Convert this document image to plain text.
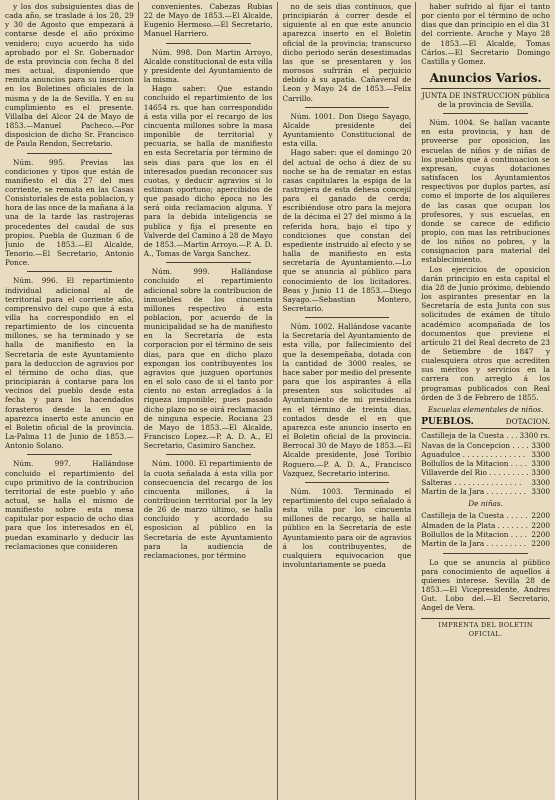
y los dos subsiguientes dias de cada año, se traslade á los 28, 29 y 30 de Agosto que empezará á contarse desde el año próximo venidero; cuyo acuerdo ha sido aprobado por el Sr. Gobernador de esta provincia con fecha 8 del mes actual, disponiendo que remita anuncios para su insercion en los Boletines oficiales de la misma y de la de Sevilla. Y en su cumplimiento es el presente. Villalba del Alcor 24 de Mayo de 1853.—Manuel Pacheco.—Por disposicion de dicho Sr. Francisco de Paula Rendon, Secretario.

Núm. 995. Previas las condiciones y tipos que están de manifiesto el dia 27 del mes corriente, se remata en las Casas Consistoriales de esta poblacion, y hora de las once de la mañana á la una de la tarde las rastrojeras procedentes del caudal de sus propios. Puebla de Guzman 6 de Junio de 1853.—El Alcalde, Tenorio.—El Secretario, Antonio Ponce.

Núm. 996. El repartimiento individual adicional al de territorial para el corriente año, comprensivo del cupo que á esta villa ha correspondido en el repartimiento de los cincuenta millones, se ha terminado y se halla de manifiesto en la Secretaría de este Ayuntamiento para la deduccion de agravios por el término de ocho dias, que principiarán á contarse para los vecinos del pueblo desde esta fecha y para los hacendados forasteros desde la en que aparezca inserto este anuncio en el Boletin oficial de la provincia. La-Palma 11 de Junio de 1853.—Antonio Solano.

Núm. 997. Hallándose concluido el repartimiento del cupo primitivo de la contribucion territorial de este pueblo y año actual, se halla el mismo de manifiesto sobre esta mesa capitular por espacio de ocho dias para que los interesados en él, puedan examinarlo y deducir las reclamaciones que consideren

convenientes. Cabezas Rubias 22 de Mayo de 1853.—El Alcalde, Eugenio Hermoso.—El Secretario, Manuel Harriero.

Núm. 998. Don Martin Arroyo, Alcalde constitucional de esta villa y presidente del Ayuntamiento de la misma.

Hago saber: Que estando concluido el repartimiento de los 14654 rs. que han correspondido á esta villa por el recargo de los cincuenta millones sobre la masa imponible de territorial y pecuaria, se halla de manifiesto en esta Secretaría por término de seis dias para que los en él interesados puedan reconocer sus cuotas, y deducir agravios si lo estiman oportuno; apercibidos de que pasado dicho época no les será oida reclamacion alguna. Y para la debida inteligencia se publica y fija el presente en Valverde del Camino á 28 de Mayo de 1853.—Martin Arroyo.—P. A. D. A., Tomas de Varga Sanchez.

Núm. 999. Hallándose concluido el repartimiento adicional sobre la contribucion de inmuebles de los cincuenta millones respectivo á esta poblacion, por acuerdo de la municipalidad se ha de manifiesto en la Secretaría de esta corporacion por el término de seis dias, para que en dicho plazo expongan los contribuyentes los agravios que juzguen oportunos en el solo caso de si el tanto por ciento no estan arreglados á la riqueza imponible; pues pasado dicho plazo no se oirá reclamacion de ninguna especie. Rociana 23 de Mayo de 1853.—El Alcalde, Francisco Lopez.—P. A. D. A., El Secretario, Casimiro Sanchez.

Núm. 1000. El repartimiento de la cuota señalada á esta villa por consecuencia del recargo de los cincuenta millones, á la contribucion territorial por la ley de 26 de marzo último, se halla concluido y acordado su esposicion al público en la Secretaría de este Ayuntamiento para la audiencia de reclamaciones, por término

no de seis dias contínuos, que principiarán á correr desde el siguiente al en que este anuncio aparezca inserto en el Boletin oficial de la provincia; transcurso dicho periodo serán desestimadas las que se presentaren y los morosos sufrirán el perjuicio debido á su apatía. Cañaveral de Leon y Mayo 24 de 1853.—Felix Carrillo.

Núm. 1001. Don Diego Sayago, Alcalde presidente del Ayuntamiento Constitucional de esta villa.

Hago saber: que el domingo 20 del actual de ocho á diez de su noche se ha de rematar en estas casas capitulares la espiga de la rastrojera de esta dehesa concejil para el ganado de cerda; escribiéndose otro para la mejora de la décima el 27 del mismo á la referida hora, bajo el tipo y condiciones que constan del espediente instruido al efecto y se halla de manifiesto en esta secretaría de Ayuntamiento.—Lo que se anuncia al público para conocimiento de los licitadores. Beas y Junio 11 de 1853.—Diego Sayago.—Sebastian Montero, Secretario.

Núm. 1002. Hallándose vacante la Secretaría del Ayuntamiento de esta villa, por fallecimiento del que la desempeñaba, dotada con la cantidad de 3000 reales, se hace saber por medio del presente para que los aspirantes á ella presenten sus solicitudes al Ayuntamiento de mi presidencia en el término de treinta dias, contados desde el en que aparezca este anuncio inserto en el Boletin oficial de la provincia. Berrocal 30 de Mayo de 1853.—El Alcalde presidente, José Toribio Roguero.—P. A. D. A., Francisco Vazquez, Secretario interino.

Núm. 1003. Terminado el repartimiento del cupo señalado á esta villa por los cincuenta millones de recargo, se halla al público en la Secretaría de este Ayuntamiento para oir de agravios á los contribuyentes, de cualquiera equivocacion que involuntariamente se pueda

haber sufrido al fijar el tanto por ciento por el término de ocho dias que dan principio en el dia 31 del corriente. Aroche y Mayo 28 de 1853.—El Alcalde, Tomas Cárlos.—El Secretario Domingo Castilla y Gomez.

Anuncios Varios.
JUNTA DE INSTRUCCION pública de la provincia de Sevilla.

Núm. 1004. Se hallan vacante en esta provincia, y han de proveerse por oposicion, las escuelas de niños y de niñas de los pueblos que á continuacion se expresan, cuyas dotaciones satisfacen los Ayuntamientos respectivos por duplos partes, así como el importe de los alquileres de las casas que ocupan los profesores, y sus escuelas, en donde se carece de edificio propio, con mas las retribuciones de los niños no pobres, y la consignacion para material del establecimiento.

Los ejercicios de oposicion darán principio en esta capital el dia 28 de Junio próximo, debiendo los aspirantes presentar en la Secretaría de esta Junta con sus solicitudes de exámen de título académico acompañada de los documentos que previene el artículo 21 del Real decreto de 23 de Setiembre de 1847 y cualesquiera otros que acrediten sus méritos y servicios en la carrera con arreglo á los programas publicados con Real órden de 3 de Febrero de 1855.

Escuelas elementales de niños.
PUEBLOS.	DOTACION.
Castilleja de la Cuesta . . .	3300 rs.
Navas de la Concepcion . . .	3300
Aguadulce . . .	3300
Bollullos de la Mitacion . . .	3300
Villaverde del Rio . . .	3300
Salteras . . .	3300
Martin de la Jara . . .	3300
De niñas.
Castilleja de la Cuesta . . .	2200
Almaden de la Plata . . .	2200
Bollullos de la Mitacion . . .	2200
Martin de la Jara . . .	2200

Lo que se anuncia al público para conocimiento de aquellos á quienes interese. Sevilla 28 de 1853.—El Vicepresidente, Andres Gut. Lobo del.—El Secretario, Angel de Vera.

IMPRENTA DEL BOLETIN OFICIAL.
